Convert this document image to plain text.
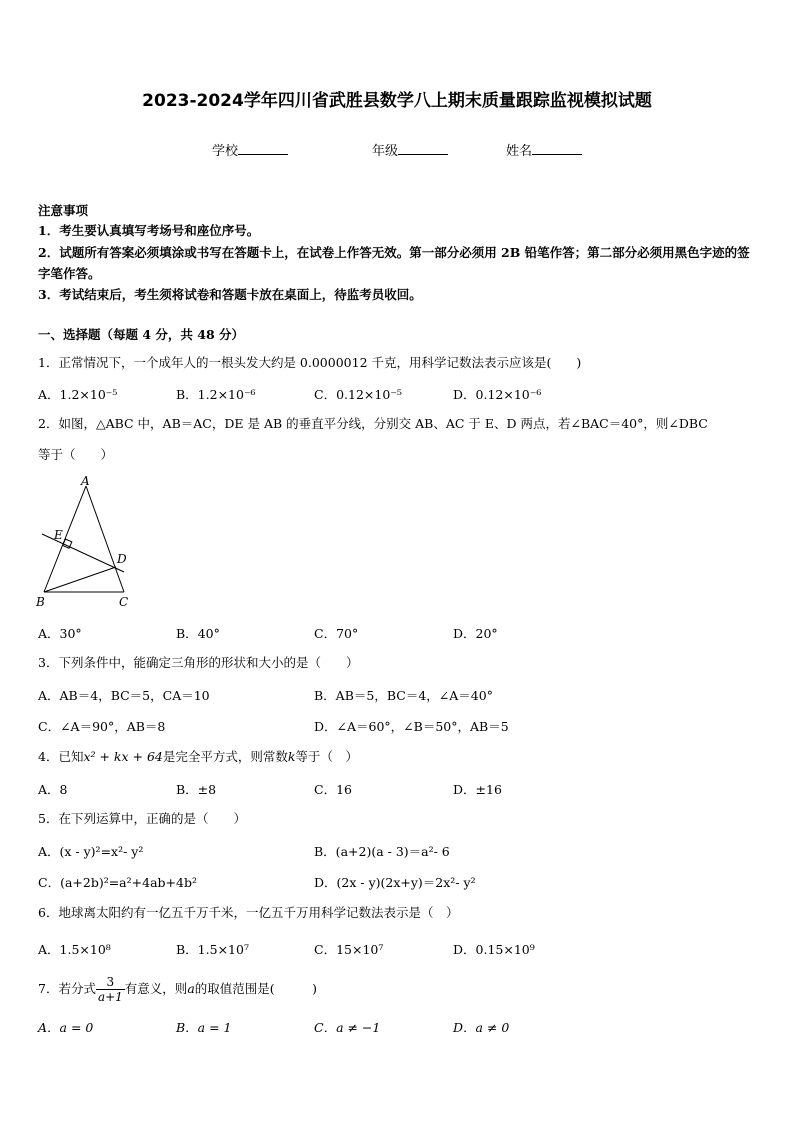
2023-2024学年四川省武胜县数学八上期末质量跟踪监视模拟试题
学校	年级	姓名
注意事项
1．考生要认真填写考场号和座位序号。
2．试题所有答案必须填涂或书写在答题卡上，在试卷上作答无效。第一部分必须用 2B 铅笔作答；第二部分必须用黑色字迹的签字笔作答。
3．考试结束后，考生须将试卷和答题卡放在桌面上，待监考员收回。
一、选择题（每题 4 分，共 48 分）
1．正常情况下，一个成年人的一根头发大约是 0.0000012 千克，用科学记数法表示应该是(　　)
A．1.2×10⁻⁵	B．1.2×10⁻⁶	C．0.12×10⁻⁵	D．0.12×10⁻⁶
2．如图，△ABC 中，AB＝AC，DE 是 AB 的垂直平分线，分别交 AB、AC 于 E、D 两点，若∠BAC＝40°，则∠DBC
等于（　　）
A
E
D
B	C
A．30°	B．40°	C．70°	D．20°
3．下列条件中，能确定三角形的形状和大小的是（　　）
A．AB＝4，BC＝5，CA＝10	B．AB＝5，BC＝4，∠A＝40°
C．∠A＝90°，AB＝8	D．∠A＝60°，∠B＝50°，AB＝5
4．已知x² + kx + 64是完全平方式，则常数k等于（　）
A．8	B．±8	C．16	D．±16
5．在下列运算中，正确的是（　　）
A．(x - y)²=x²- y²	B．(a+2)(a - 3)＝a²- 6
C．(a+2b)²=a²+4ab+4b²	D．(2x - y)(2x+y)＝2x²- y²
6．地球离太阳约有一亿五千万千米，一亿五千万用科学记数法表示是（　）
A．1.5×10⁸	B．1.5×10⁷	C．15×10⁷	D．0.15×10⁹
7．若分式 $\frac{3}{a+1}$ 有意义，则a的取值范围是(　　　)
A．a = 0	B．a = 1	C．a ≠ −1	D．a ≠ 0
